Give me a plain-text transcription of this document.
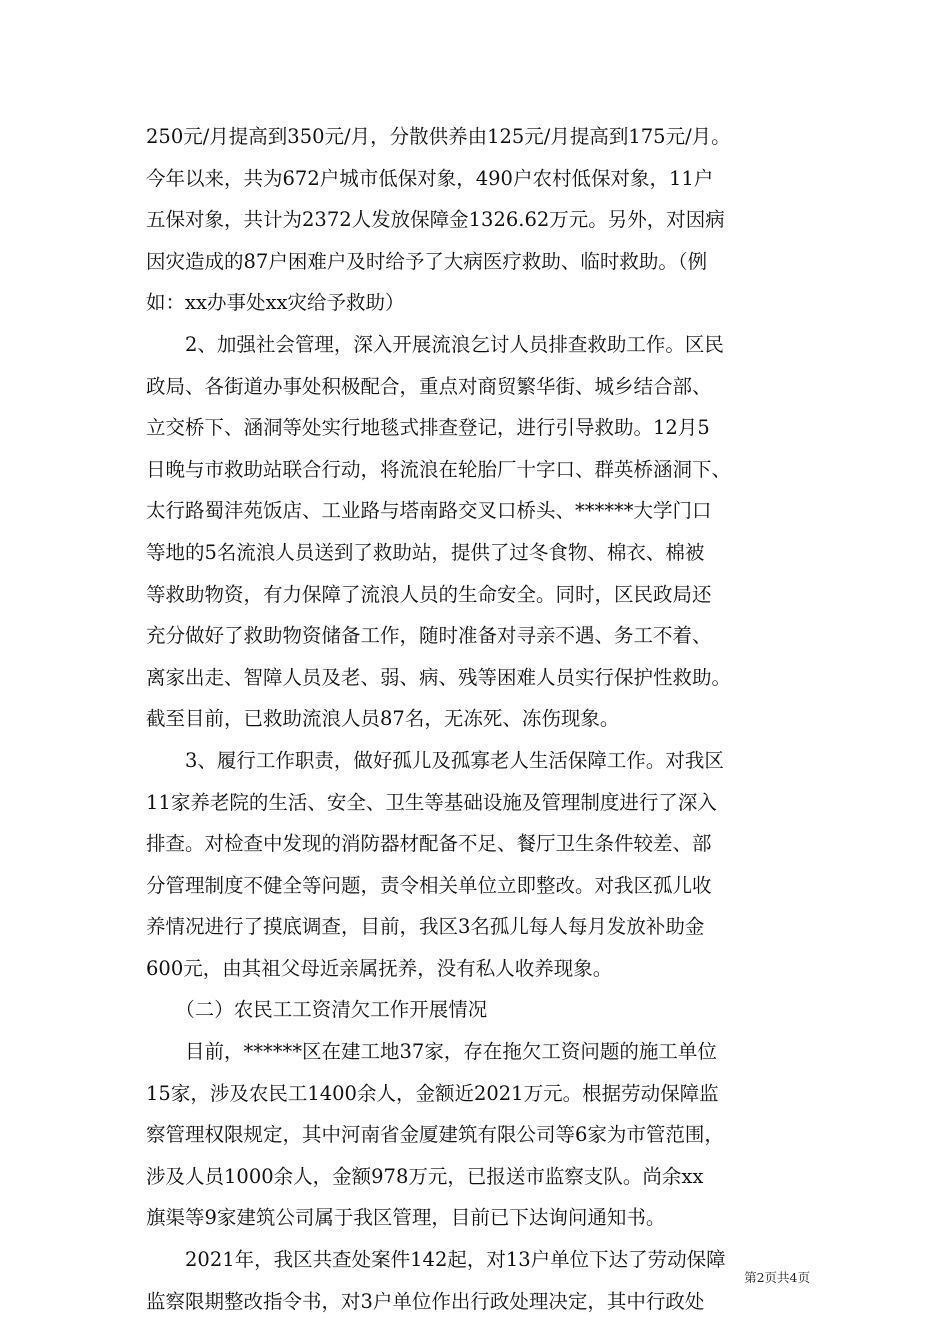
250元/月提高到350元/月，分散供养由125元/月提高到175元/月。
今年以来，共为672户城市低保对象，490户农村低保对象，11户
五保对象，共计为2372人发放保障金1326.62万元。另外，对因病
因灾造成的87户困难户及时给予了大病医疗救助、临时救助。（例
如：xx办事处xx灾给予救助）
　　2、加强社会管理，深入开展流浪乞讨人员排查救助工作。区民
政局、各街道办事处积极配合，重点对商贸繁华街、城乡结合部、
立交桥下、涵洞等处实行地毯式排查登记，进行引导救助。12月5
日晚与市救助站联合行动，将流浪在轮胎厂十字口、群英桥涵洞下、
太行路蜀沣苑饭店、工业路与塔南路交叉口桥头、******大学门口
等地的5名流浪人员送到了救助站，提供了过冬食物、棉衣、棉被
等救助物资，有力保障了流浪人员的生命安全。同时，区民政局还
充分做好了救助物资储备工作，随时准备对寻亲不遇、务工不着、
离家出走、智障人员及老、弱、病、残等困难人员实行保护性救助。
截至目前，已救助流浪人员87名，无冻死、冻伤现象。
　　3、履行工作职责，做好孤儿及孤寡老人生活保障工作。对我区
11家养老院的生活、安全、卫生等基础设施及管理制度进行了深入
排查。对检查中发现的消防器材配备不足、餐厅卫生条件较差、部
分管理制度不健全等问题，责令相关单位立即整改。对我区孤儿收
养情况进行了摸底调查，目前，我区3名孤儿每人每月发放补助金
600元，由其祖父母近亲属抚养，没有私人收养现象。
　　（二）农民工工资清欠工作开展情况
　　目前，******区在建工地37家，存在拖欠工资问题的施工单位
15家，涉及农民工1400余人，金额近2021万元。根据劳动保障监
察管理权限规定，其中河南省金厦建筑有限公司等6家为市管范围，
涉及人员1000余人，金额978万元，已报送市监察支队。尚余xx
旗渠等9家建筑公司属于我区管理，目前已下达询问通知书。
　　2021年，我区共查处案件142起，对13户单位下达了劳动保障
监察限期整改指令书，对3户单位作出行政处理决定，其中行政处
第2页共4页
